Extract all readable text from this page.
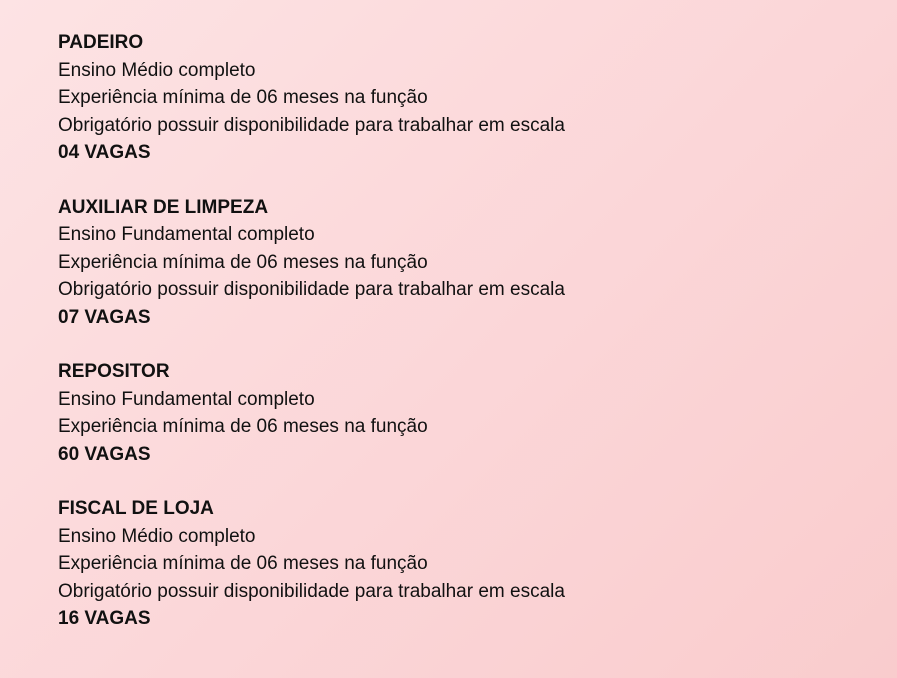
PADEIRO
Ensino Médio completo
Experiência mínima de 06 meses na função
Obrigatório possuir disponibilidade para trabalhar em escala
04 VAGAS
AUXILIAR DE LIMPEZA
Ensino Fundamental completo
Experiência mínima de 06 meses na função
Obrigatório possuir disponibilidade para trabalhar em escala
07 VAGAS
REPOSITOR
Ensino Fundamental completo
Experiência mínima de 06 meses na função
60 VAGAS
FISCAL DE LOJA
Ensino Médio completo
Experiência mínima de 06 meses na função
Obrigatório possuir disponibilidade para trabalhar em escala
16 VAGAS
